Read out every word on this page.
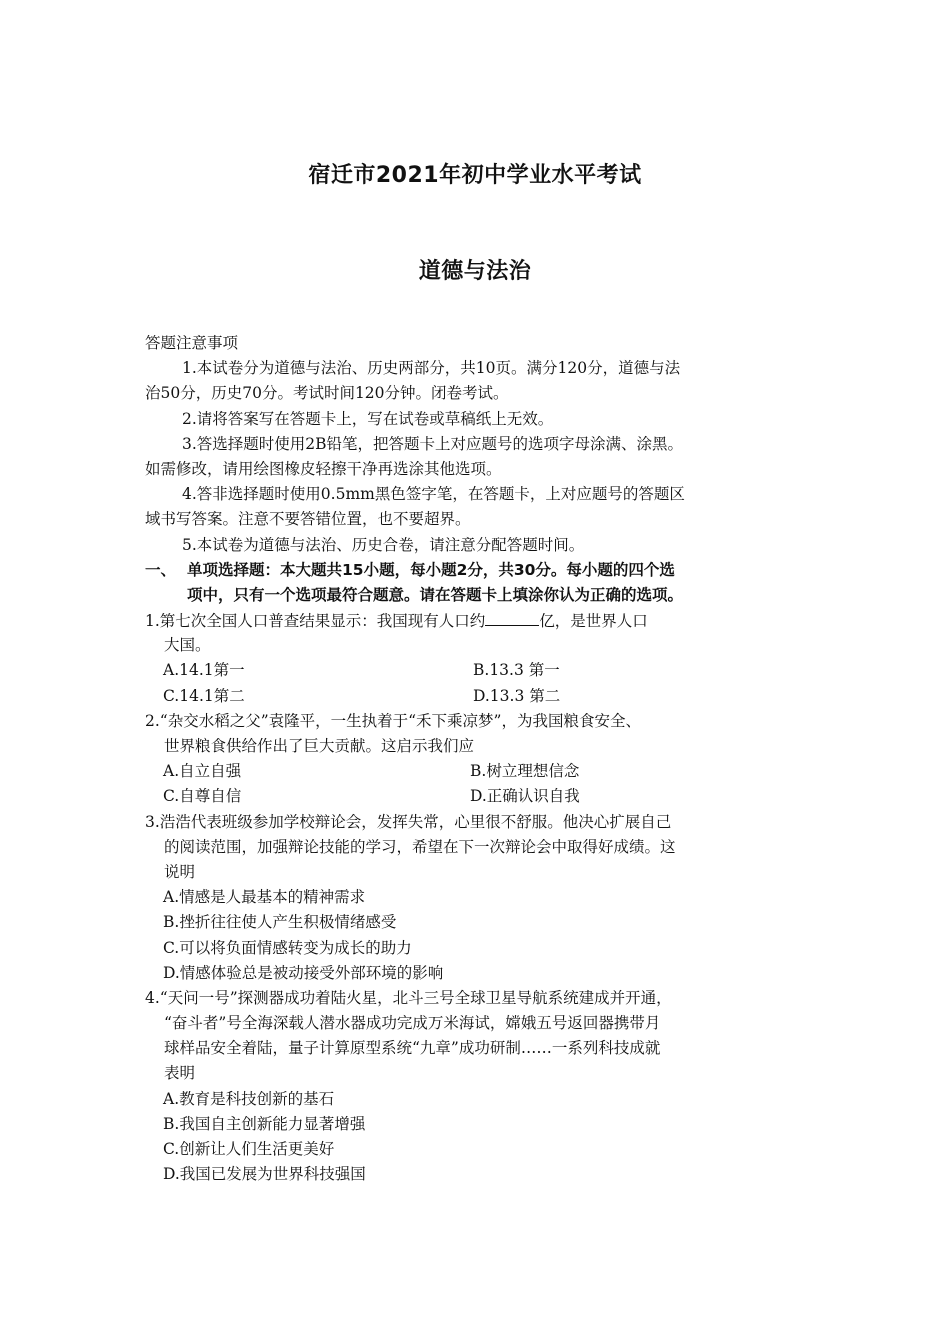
宿迁市2021年初中学业水平考试
道德与法治
答题注意事项
1.本试卷分为道德与法治、历史两部分，共10页。满分120分，道德与法
治50分，历史70分。考试时间120分钟。闭卷考试。
2.请将答案写在答题卡上，写在试卷或草稿纸上无效。
3.答选择题时使用2B铅笔，把答题卡上对应题号的选项字母涂满、涂黑。
如需修改，请用绘图橡皮轻擦干净再选涂其他选项。
4.答非选择题时使用0.5mm黑色签字笔，在答题卡，上对应题号的答题区
域书写答案。注意不要答错位置，也不要超界。
5.本试卷为道德与法治、历史合卷，请注意分配答题时间。
一、 单项选择题：本大题共15小题，每小题2分，共30分。每小题的四个选
项中，只有一个选项最符合题意。请在答题卡上填涂你认为正确的选项。
1.第七次全国人口普查结果显示：我国现有人口约	亿，是世界人口
大国。
A.14.1第一	B.13.3 第一
C.14.1第二	D.13.3 第二
2.“杂交水稻之父”袁隆平，一生执着于“禾下乘凉梦”，为我国粮食安全、
世界粮食供给作出了巨大贡献。这启示我们应
A.自立自强	B.树立理想信念
C.自尊自信	D.正确认识自我
3.浩浩代表班级参加学校辩论会，发挥失常，心里很不舒服。他决心扩展自己
的阅读范围，加强辩论技能的学习，希望在下一次辩论会中取得好成绩。这
说明
A.情感是人最基本的精神需求
B.挫折往往使人产生积极情绪感受
C.可以将负面情感转变为成长的助力
D.情感体验总是被动接受外部环境的影响
4.“天问一号”探测器成功着陆火星，北斗三号全球卫星导航系统建成并开通，
“奋斗者”号全海深载人潜水器成功完成万米海试，嫦娥五号返回器携带月
球样品安全着陆，量子计算原型系统“九章”成功研制……一系列科技成就
表明
A.教育是科技创新的基石
B.我国自主创新能力显著增强
C.创新让人们生活更美好
D.我国已发展为世界科技强国
